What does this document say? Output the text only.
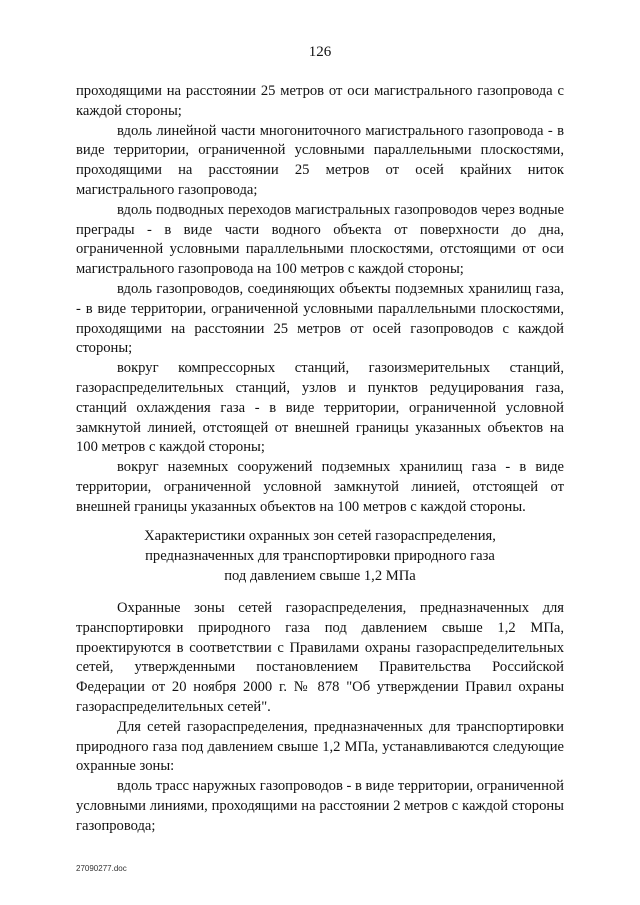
126

проходящими на расстоянии 25 метров от оси магистрального газопровода с каждой стороны;

вдоль линейной части многониточного магистрального газопровода - в виде территории, ограниченной условными параллельными плоскостями, проходящими на расстоянии 25 метров от осей крайних ниток магистрального газопровода;

вдоль подводных переходов магистральных газопроводов через водные преграды - в виде части водного объекта от поверхности до дна, ограниченной условными параллельными плоскостями, отстоящими от оси магистрального газопровода на 100 метров с каждой стороны;

вдоль газопроводов, соединяющих объекты подземных хранилищ газа, - в виде территории, ограниченной условными параллельными плоскостями, проходящими на расстоянии 25 метров от осей газопроводов с каждой стороны;

вокруг компрессорных станций, газоизмерительных станций, газораспределительных станций, узлов и пунктов редуцирования газа, станций охлаждения газа - в виде территории, ограниченной условной замкнутой линией, отстоящей от внешней границы указанных объектов на 100 метров с каждой стороны;

вокруг наземных сооружений подземных хранилищ газа - в виде территории, ограниченной условной замкнутой линией, отстоящей от внешней границы указанных объектов на 100 метров с каждой стороны.

Характеристики охранных зон сетей газораспределения,
предназначенных для транспортировки природного газа
под давлением свыше 1,2 МПа

Охранные зоны сетей газораспределения, предназначенных для транспортировки природного газа под давлением свыше 1,2 МПа, проектируются в соответствии с Правилами охраны газораспределительных сетей, утвержденными постановлением Правительства Российской Федерации от 20 ноября 2000 г. № 878 "Об утверждении Правил охраны газораспределительных сетей".

Для сетей газораспределения, предназначенных для транспортировки природного газа под давлением свыше 1,2 МПа, устанавливаются следующие охранные зоны:

вдоль трасс наружных газопроводов - в виде территории, ограниченной условными линиями, проходящими на расстоянии 2 метров с каждой стороны газопровода;

27090277.doc
